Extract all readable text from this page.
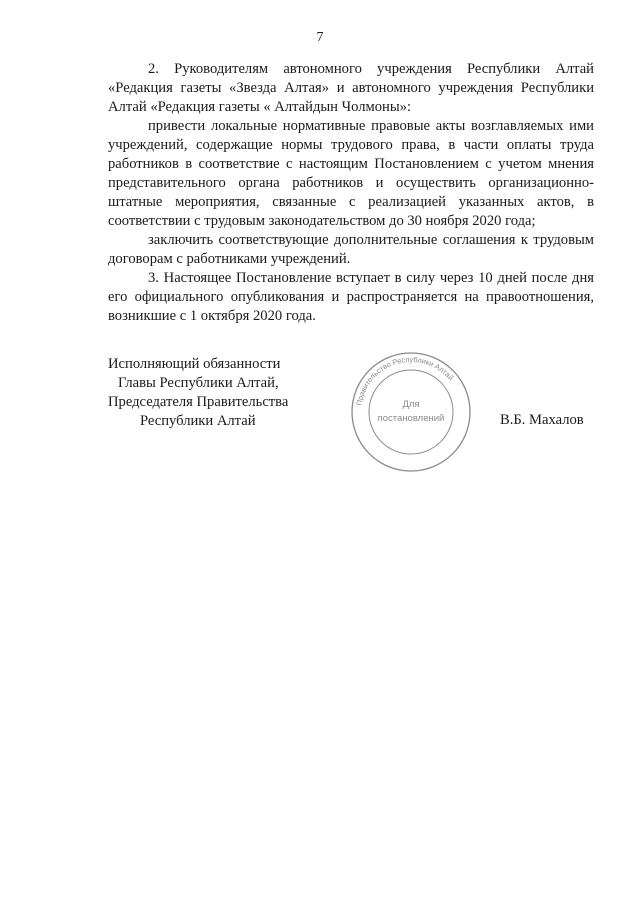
7

2. Руководителям автономного учреждения Республики Алтай «Редакция газеты «Звезда Алтая» и автономного учреждения Республики Алтай «Редакция газеты « Алтайдын Чолмоны»:

привести локальные нормативные правовые акты возглавляемых ими учреждений, содержащие нормы трудового права, в части оплаты труда работников в соответствие с настоящим Постановлением с учетом мнения представительного органа работников и осуществить организационно-штатные мероприятия, связанные с реализацией указанных актов, в соответствии с трудовым законодательством до 30 ноября 2020 года;

заключить соответствующие дополнительные соглашения к трудовым договорам с работниками учреждений.

3. Настоящее Постановление вступает в силу через 10 дней после дня его официального опубликования и распространяется на правоотношения, возникшие с 1 октября 2020 года.

Исполняющий обязанности
Главы Республики Алтай,
Председателя Правительства
Республики Алтай
Правительство Республики Алтай
Для
постановлений	В.Б. Махалов
